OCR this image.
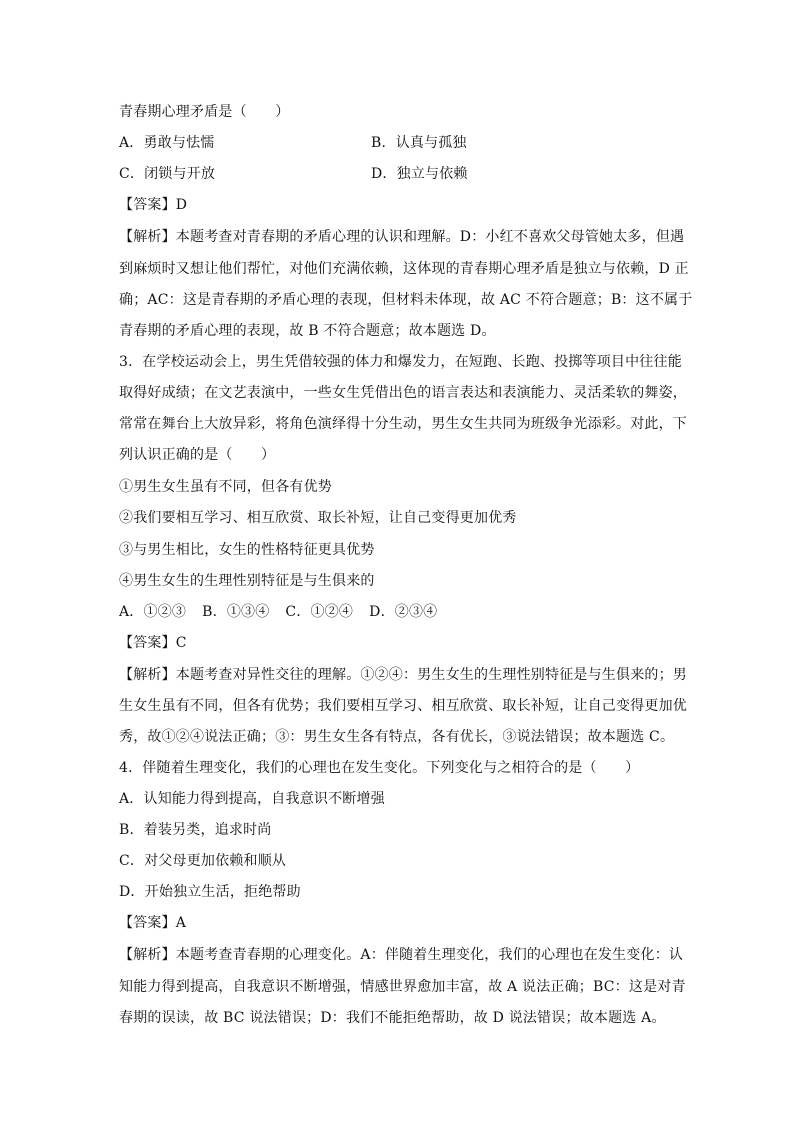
青春期心理矛盾是（　　）
A．勇敢与怯懦	B．认真与孤独
C．闭锁与开放	D．独立与依赖
【答案】D
【解析】本题考查对青春期的矛盾心理的认识和理解。D：小红不喜欢父母管她太多，但遇
到麻烦时又想让他们帮忙，对他们充满依赖，这体现的青春期心理矛盾是独立与依赖，D 正
确；AC：这是青春期的矛盾心理的表现，但材料未体现，故 AC 不符合题意；B：这不属于
青春期的矛盾心理的表现，故 B 不符合题意；故本题选 D。
3．在学校运动会上，男生凭借较强的体力和爆发力，在短跑、长跑、投掷等项目中往往能
取得好成绩；在文艺表演中，一些女生凭借出色的语言表达和表演能力、灵活柔软的舞姿，
常常在舞台上大放异彩，将角色演绎得十分生动，男生女生共同为班级争光添彩。对此，下
列认识正确的是（　　）
①男生女生虽有不同，但各有优势
②我们要相互学习、相互欣赏、取长补短，让自己变得更加优秀
③与男生相比，女生的性格特征更具优势
④男生女生的生理性别特征是与生俱来的
A．①②③ B．①③④ C．①②④ D．②③④
【答案】C
【解析】本题考查对异性交往的理解。①②④：男生女生的生理性别特征是与生俱来的；男
生女生虽有不同，但各有优势；我们要相互学习、相互欣赏、取长补短，让自己变得更加优
秀，故①②④说法正确；③：男生女生各有特点，各有优长，③说法错误；故本题选 C。
4．伴随着生理变化，我们的心理也在发生变化。下列变化与之相符合的是（　　）
A．认知能力得到提高，自我意识不断增强
B．着装另类，追求时尚
C．对父母更加依赖和顺从
D．开始独立生活，拒绝帮助
【答案】A
【解析】本题考查青春期的心理变化。A：伴随着生理变化，我们的心理也在发生变化：认
知能力得到提高，自我意识不断增强，情感世界愈加丰富，故 A 说法正确；BC：这是对青
春期的误读，故 BC 说法错误；D：我们不能拒绝帮助，故 D 说法错误；故本题选 A。
